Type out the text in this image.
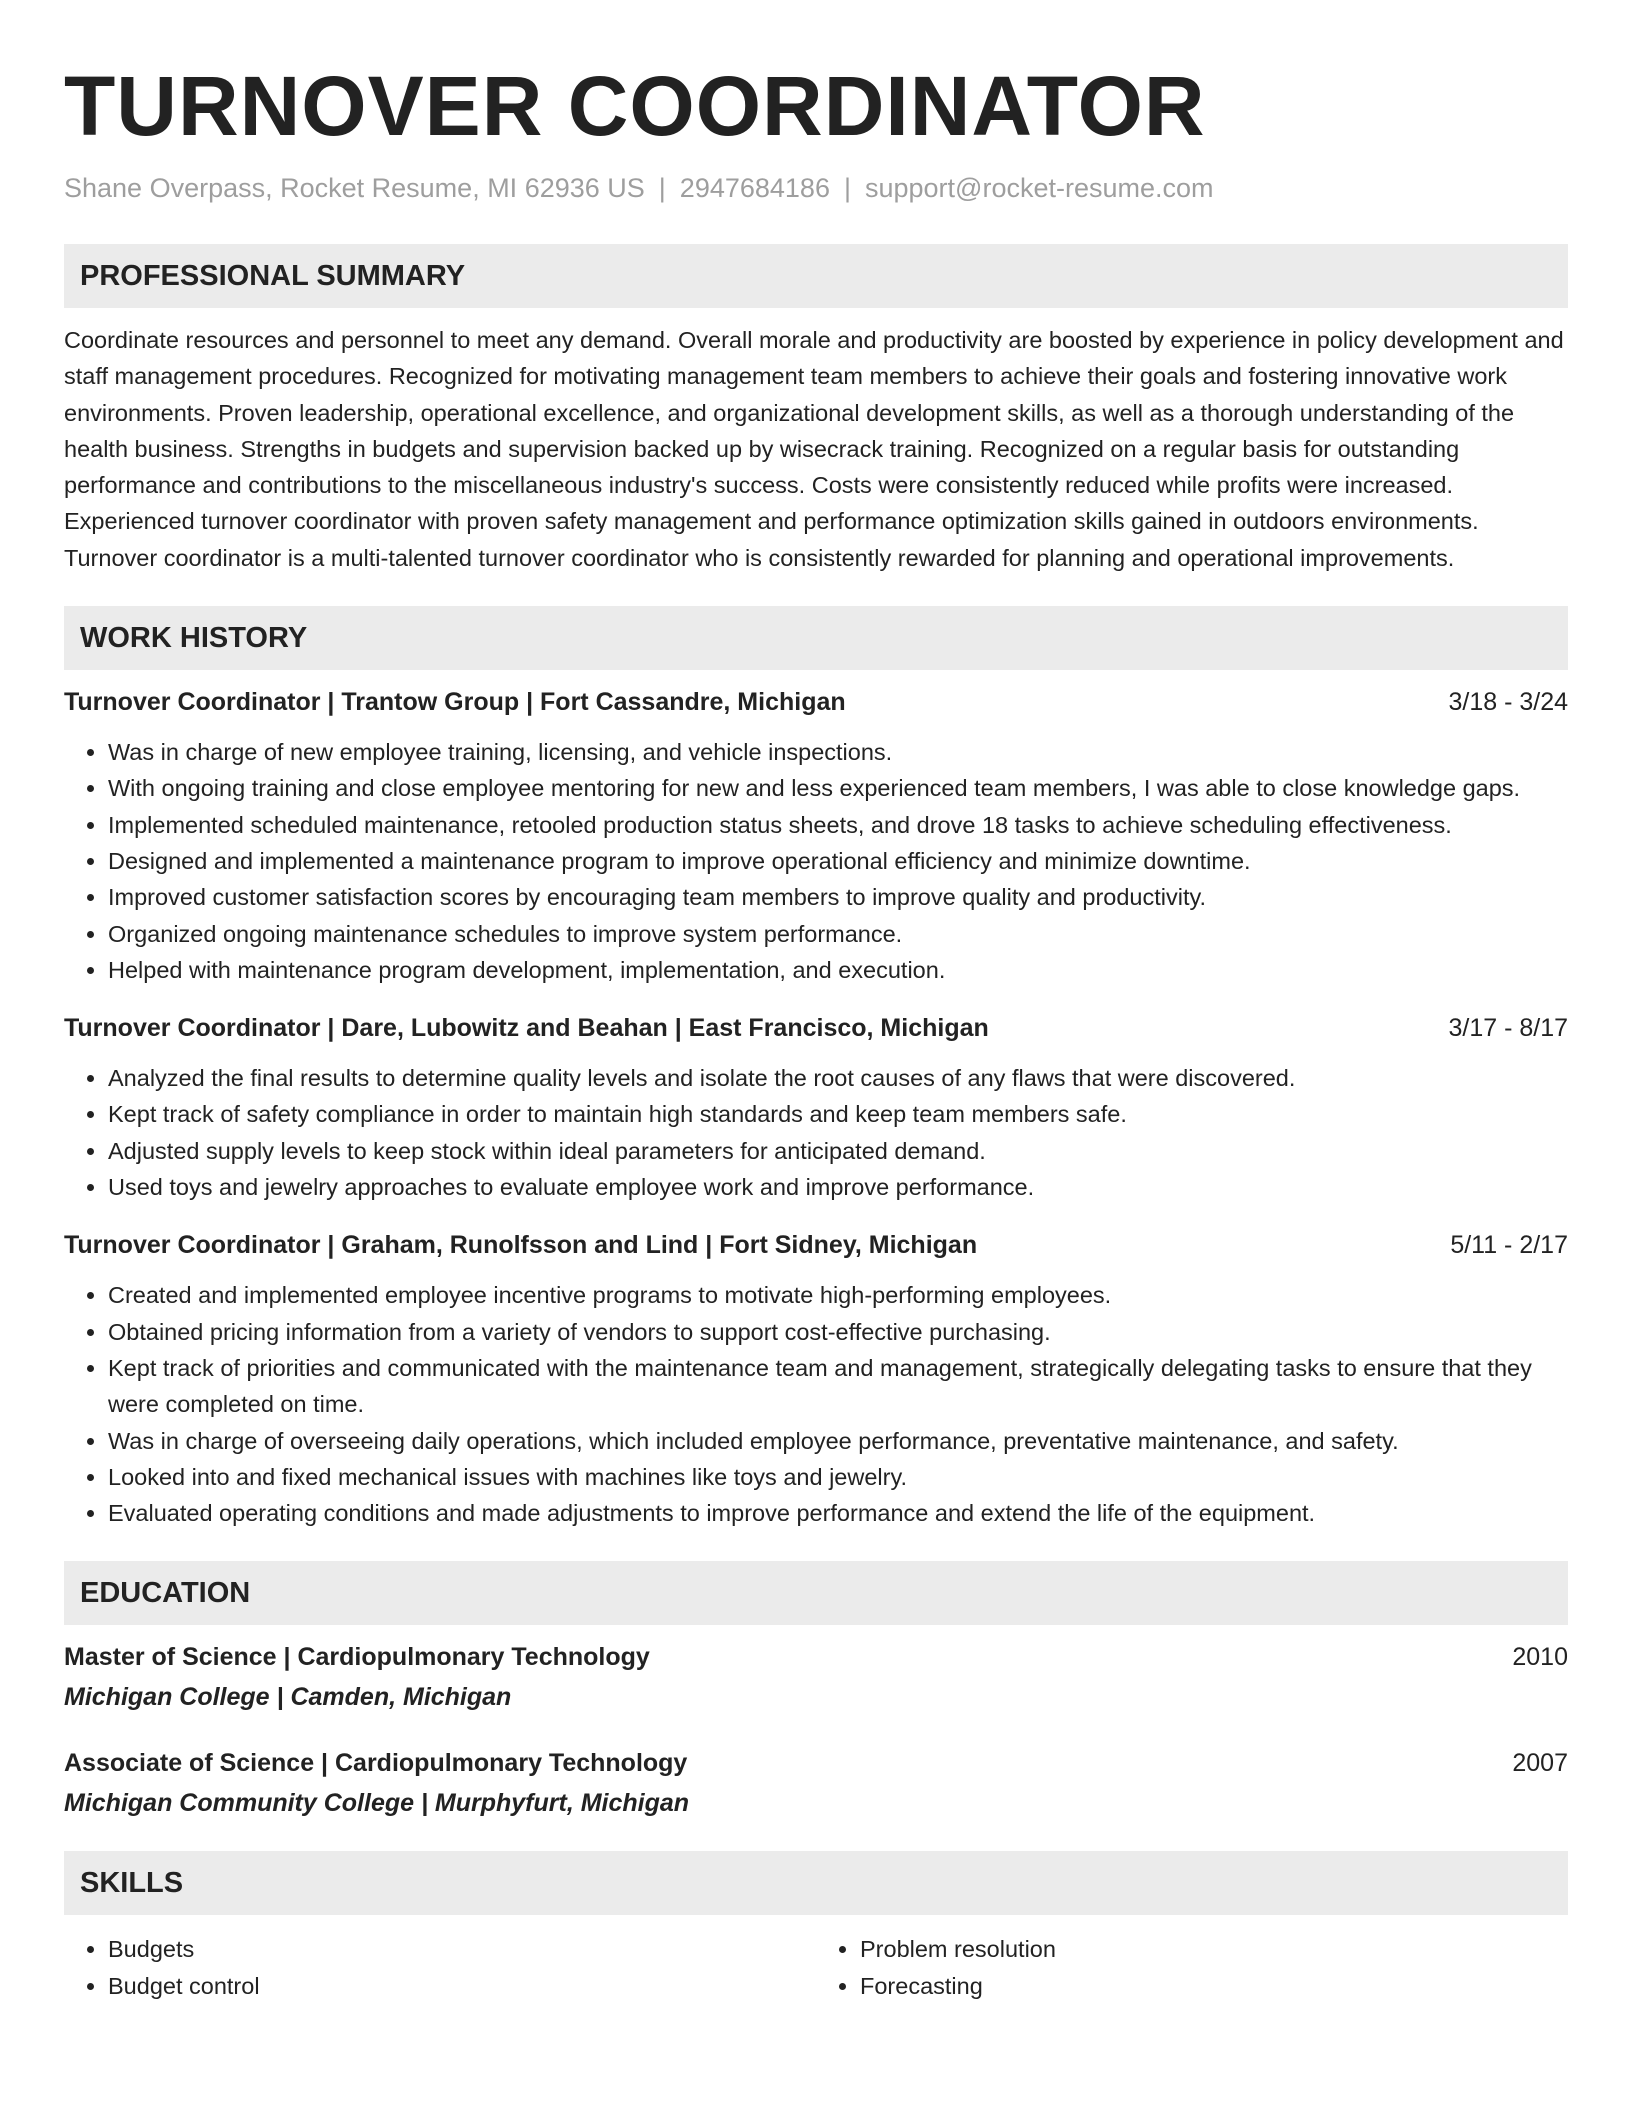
TURNOVER COORDINATOR
Shane Overpass, Rocket Resume, MI 62936 US | 2947684186 | support@rocket-resume.com
PROFESSIONAL SUMMARY

Coordinate resources and personnel to meet any demand. Overall morale and productivity are boosted by experience in policy development and staff management procedures. Recognized for motivating management team members to achieve their goals and fostering innovative work environments. Proven leadership, operational excellence, and organizational development skills, as well as a thorough understanding of the health business. Strengths in budgets and supervision backed up by wisecrack training. Recognized on a regular basis for outstanding performance and contributions to the miscellaneous industry's success. Costs were consistently reduced while profits were increased. Experienced turnover coordinator with proven safety management and performance optimization skills gained in outdoors environments. Turnover coordinator is a multi-talented turnover coordinator who is consistently rewarded for planning and operational improvements.

WORK HISTORY
Turnover Coordinator | Trantow Group | Fort Cassandre, Michigan	3/18 - 3/24
• Was in charge of new employee training, licensing, and vehicle inspections.
• With ongoing training and close employee mentoring for new and less experienced team members, I was able to close knowledge gaps.
• Implemented scheduled maintenance, retooled production status sheets, and drove 18 tasks to achieve scheduling effectiveness.
• Designed and implemented a maintenance program to improve operational efficiency and minimize downtime.
• Improved customer satisfaction scores by encouraging team members to improve quality and productivity.
• Organized ongoing maintenance schedules to improve system performance.
• Helped with maintenance program development, implementation, and execution.
Turnover Coordinator | Dare, Lubowitz and Beahan | East Francisco, Michigan	3/17 - 8/17
• Analyzed the final results to determine quality levels and isolate the root causes of any flaws that were discovered.
• Kept track of safety compliance in order to maintain high standards and keep team members safe.
• Adjusted supply levels to keep stock within ideal parameters for anticipated demand.
• Used toys and jewelry approaches to evaluate employee work and improve performance.
Turnover Coordinator | Graham, Runolfsson and Lind | Fort Sidney, Michigan	5/11 - 2/17
• Created and implemented employee incentive programs to motivate high-performing employees.
• Obtained pricing information from a variety of vendors to support cost-effective purchasing.
• Kept track of priorities and communicated with the maintenance team and management, strategically delegating tasks to ensure that they were completed on time.
• Was in charge of overseeing daily operations, which included employee performance, preventative maintenance, and safety.
• Looked into and fixed mechanical issues with machines like toys and jewelry.
• Evaluated operating conditions and made adjustments to improve performance and extend the life of the equipment.
EDUCATION
Master of Science | Cardiopulmonary Technology	2010
Michigan College | Camden, Michigan
Associate of Science | Cardiopulmonary Technology	2007
Michigan Community College | Murphyfurt, Michigan
SKILLS
• Budgets
• Budget control
• Problem resolution
• Forecasting
